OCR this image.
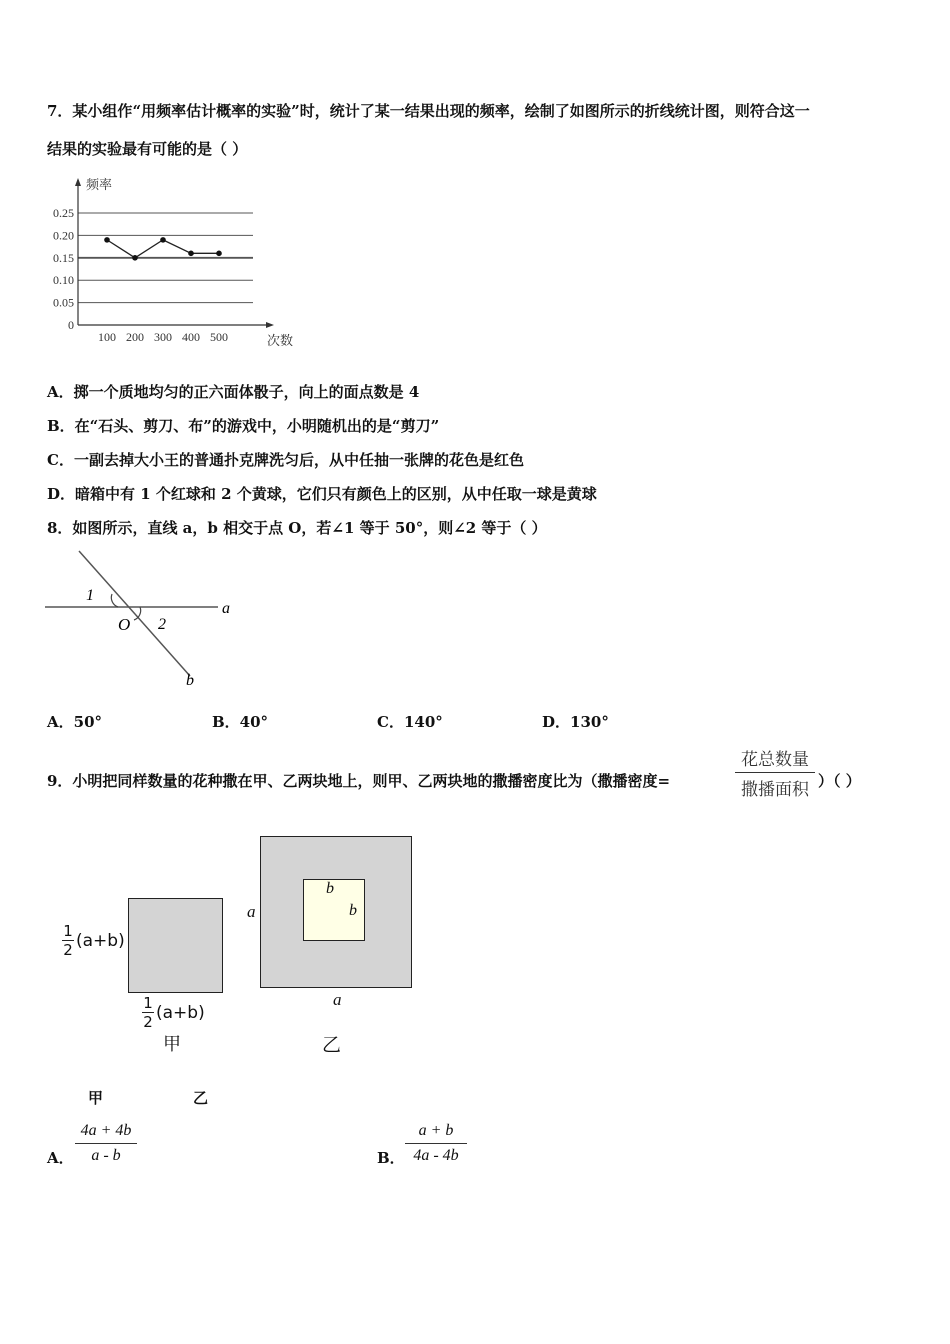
7．某小组作“用频率估计概率的实验”时，统计了某一结果出现的频率，绘制了如图所示的折线统计图，则符合这一
结果的实验最有可能的是（ ）
0.25
0.20
0.15
0.10
0.05
0
频率
次数
100 200 300 400 500
A．掷一个质地均匀的正六面体骰子，向上的面点数是 4
B．在“石头、剪刀、布”的游戏中，小明随机出的是“剪刀”
C．一副去掉大小王的普通扑克牌洗匀后，从中任抽一张牌的花色是红色
D．暗箱中有 1 个红球和 2 个黄球，它们只有颜色上的区别，从中任取一球是黄球
8．如图所示，直线 a，b 相交于点 O，若∠1 等于 50°，则∠2 等于（ ）
1
2
O
a
b
A．50°	B．40°	C．140°	D．130°
9．小明把同样数量的花种撒在甲、乙两块地上，则甲、乙两块地的撒播密度比为（撒播密度=
花总数量
撒播面积 ）（ ）
1
2 (a+b)
1
2 (a+b)
甲
a
a
b
b
乙
甲	乙
A．
4a + 4b
a - b	B．
a + b
4a - 4b
